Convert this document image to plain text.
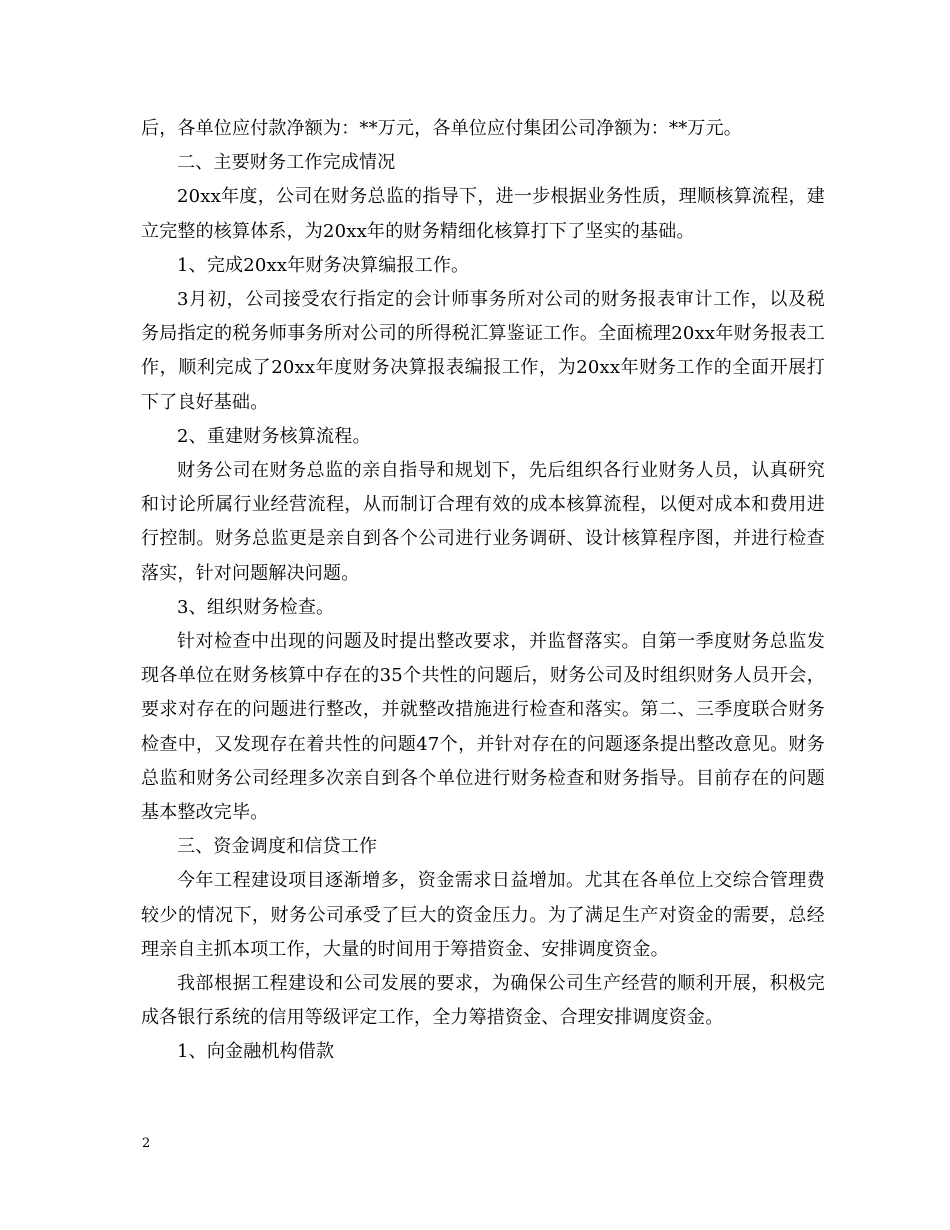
后，各单位应付款净额为：**万元，各单位应付集团公司净额为：**万元。

二、主要财务工作完成情况

20xx年度，公司在财务总监的指导下，进一步根据业务性质，理顺核算流程，建立完整的核算体系，为20xx年的财务精细化核算打下了坚实的基础。

1、完成20xx年财务决算编报工作。

3月初，公司接受农行指定的会计师事务所对公司的财务报表审计工作，以及税务局指定的税务师事务所对公司的所得税汇算鉴证工作。全面梳理20xx年财务报表工作，顺利完成了20xx年度财务决算报表编报工作，为20xx年财务工作的全面开展打下了良好基础。

2、重建财务核算流程。

财务公司在财务总监的亲自指导和规划下，先后组织各行业财务人员，认真研究和讨论所属行业经营流程，从而制订合理有效的成本核算流程，以便对成本和费用进行控制。财务总监更是亲自到各个公司进行业务调研、设计核算程序图，并进行检查落实，针对问题解决问题。

3、组织财务检查。

针对检查中出现的问题及时提出整改要求，并监督落实。自第一季度财务总监发现各单位在财务核算中存在的35个共性的问题后，财务公司及时组织财务人员开会，要求对存在的问题进行整改，并就整改措施进行检查和落实。第二、三季度联合财务检查中，又发现存在着共性的问题47个，并针对存在的问题逐条提出整改意见。财务总监和财务公司经理多次亲自到各个单位进行财务检查和财务指导。目前存在的问题基本整改完毕。

三、资金调度和信贷工作

今年工程建设项目逐渐增多，资金需求日益增加。尤其在各单位上交综合管理费较少的情况下，财务公司承受了巨大的资金压力。为了满足生产对资金的需要，总经理亲自主抓本项工作，大量的时间用于筹措资金、安排调度资金。

我部根据工程建设和公司发展的要求，为确保公司生产经营的顺利开展，积极完成各银行系统的信用等级评定工作，全力筹措资金、合理安排调度资金。

1、向金融机构借款

2
